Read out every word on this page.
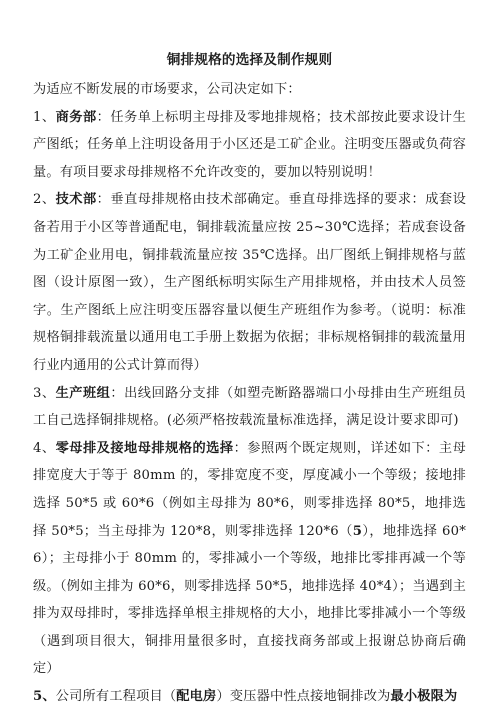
铜排规格的选择及制作规则

为适应不断发展的市场要求，公司决定如下：

1、商务部：任务单上标明主母排及零地排规格；技术部按此要求设计生产图纸；任务单上注明设备用于小区还是工矿企业。注明变压器或负荷容量。有项目要求母排规格不允许改变的，要加以特别说明！

2、技术部：垂直母排规格由技术部确定。垂直母排选择的要求：成套设备若用于小区等普通配电，铜排载流量应按 25~30℃选择；若成套设备为工矿企业用电，铜排载流量应按 35℃选择。出厂图纸上铜排规格与蓝图（设计原图一致），生产图纸标明实际生产用排规格，并由技术人员签字。生产图纸上应注明变压器容量以便生产班组作为参考。（说明：标准规格铜排载流量以通用电工手册上数据为依据；非标规格铜排的载流量用行业内通用的公式计算而得）

3、生产班组：出线回路分支排（如塑壳断路器端口小母排由生产班组员工自己选择铜排规格。(必须严格按载流量标准选择，满足设计要求即可)

4、零母排及接地母排规格的选择：参照两个既定规则，详述如下：主母排宽度大于等于 80mm 的，零排宽度不变，厚度减小一个等级；接地排选择 50*5 或 60*6（例如主母排为 80*6，则零排选择 80*5，地排选择 50*5；当主母排为 120*8，则零排选择 120*6（5），地排选择 60*6）；主母排小于 80mm 的，零排减小一个等级，地排比零排再减一个等级。（例如主排为 60*6，则零排选择 50*5，地排选择 40*4）；当遇到主排为双母排时，零排选择单根主排规格的大小，地排比零排减小一个等级（遇到项目很大，铜排用量很多时，直接找商务部或上报谢总协商后确定）

5、公司所有工程项目（配电房）变压器中性点接地铜排改为最小极限为
